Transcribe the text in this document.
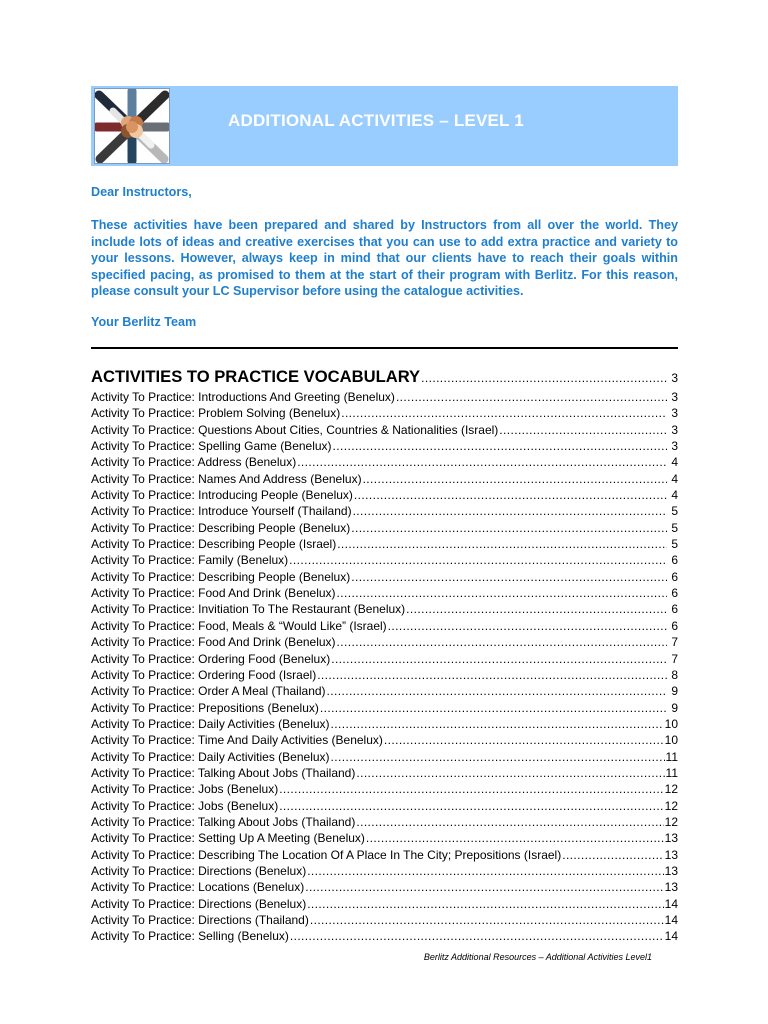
ADDITIONAL ACTIVITIES – LEVEL 1
Dear Instructors,
These activities have been prepared and shared by Instructors from all over the world. They include lots of ideas and creative exercises that you can use to add extra practice and variety to your lessons. However, always keep in mind that our clients have to reach their goals within specified pacing, as promised to them at the start of their program with Berlitz. For this reason, please consult your LC Supervisor before using the catalogue activities.
Your Berlitz Team
ACTIVITIES TO PRACTICE VOCABULARY .....	3
Activity To Practice: Introductions And Greeting (Benelux) .....	3
Activity To Practice: Problem Solving (Benelux) .....	3
Activity To Practice: Questions About Cities, Countries & Nationalities (Israel) .....	3
Activity To Practice: Spelling Game (Benelux) .....	3
Activity To Practice: Address (Benelux) .....	4
Activity To Practice: Names And Address (Benelux) .....	4
Activity To Practice: Introducing People (Benelux) .....	4
Activity To Practice: Introduce Yourself (Thailand) .....	5
Activity To Practice: Describing People (Benelux) .....	5
Activity To Practice: Describing People (Israel) .....	5
Activity To Practice: Family (Benelux) .....	6
Activity To Practice: Describing People (Benelux) .....	6
Activity To Practice: Food And Drink (Benelux) .....	6
Activity To Practice: Invitiation To The Restaurant (Benelux) .....	6
Activity To Practice: Food, Meals & “Would Like” (Israel) .....	6
Activity To Practice: Food And Drink (Benelux) .....	7
Activity To Practice: Ordering Food (Benelux) .....	7
Activity To Practice: Ordering Food (Israel) .....	8
Activity To Practice: Order A Meal (Thailand) .....	9
Activity To Practice: Prepositions (Benelux) .....	9
Activity To Practice: Daily Activities (Benelux) .....	10
Activity To Practice: Time And Daily Activities (Benelux) .....	10
Activity To Practice: Daily Activities (Benelux) .....	11
Activity To Practice: Talking About Jobs (Thailand) .....	11
Activity To Practice: Jobs (Benelux) .....	12
Activity To Practice: Jobs (Benelux) .....	12
Activity To Practice: Talking About Jobs (Thailand) .....	12
Activity To Practice: Setting Up A Meeting (Benelux) .....	13
Activity To Practice: Describing The Location Of A Place In The City; Prepositions (Israel) .....	13
Activity To Practice: Directions (Benelux) .....	13
Activity To Practice: Locations (Benelux) .....	13
Activity To Practice: Directions (Benelux) .....	14
Activity To Practice: Directions (Thailand) .....	14
Activity To Practice: Selling (Benelux) .....	14
Berlitz Additional Resources – Additional Activities Level1
